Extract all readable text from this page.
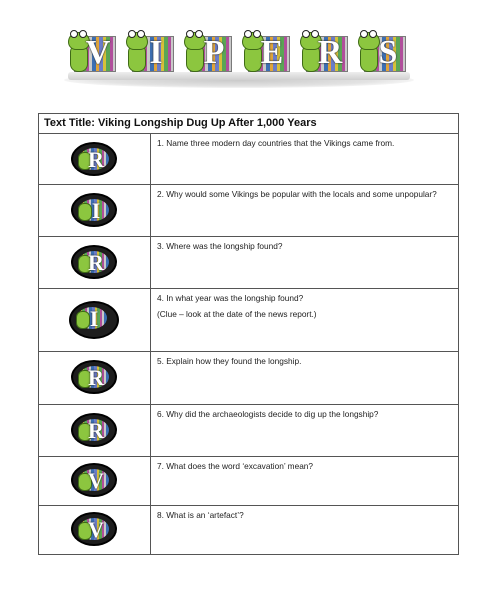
V I P E R S
Text Title: Viking Longship Dug Up After 1,000 Years	

R	1. Name three modern day countries that the Vikings came from.

I	2. Why would some Vikings be popular with the locals and some unpopular?

R	3. Where was the longship found?

I	4. In what year was the longship found?

(Clue – look at the date of the news report.)

R	5. Explain how they found the longship.

R	6. Why did the archaeologists decide to dig up the longship?

V	7. What does the word ‘excavation’ mean?

V	8. What is an ‘artefact’?
